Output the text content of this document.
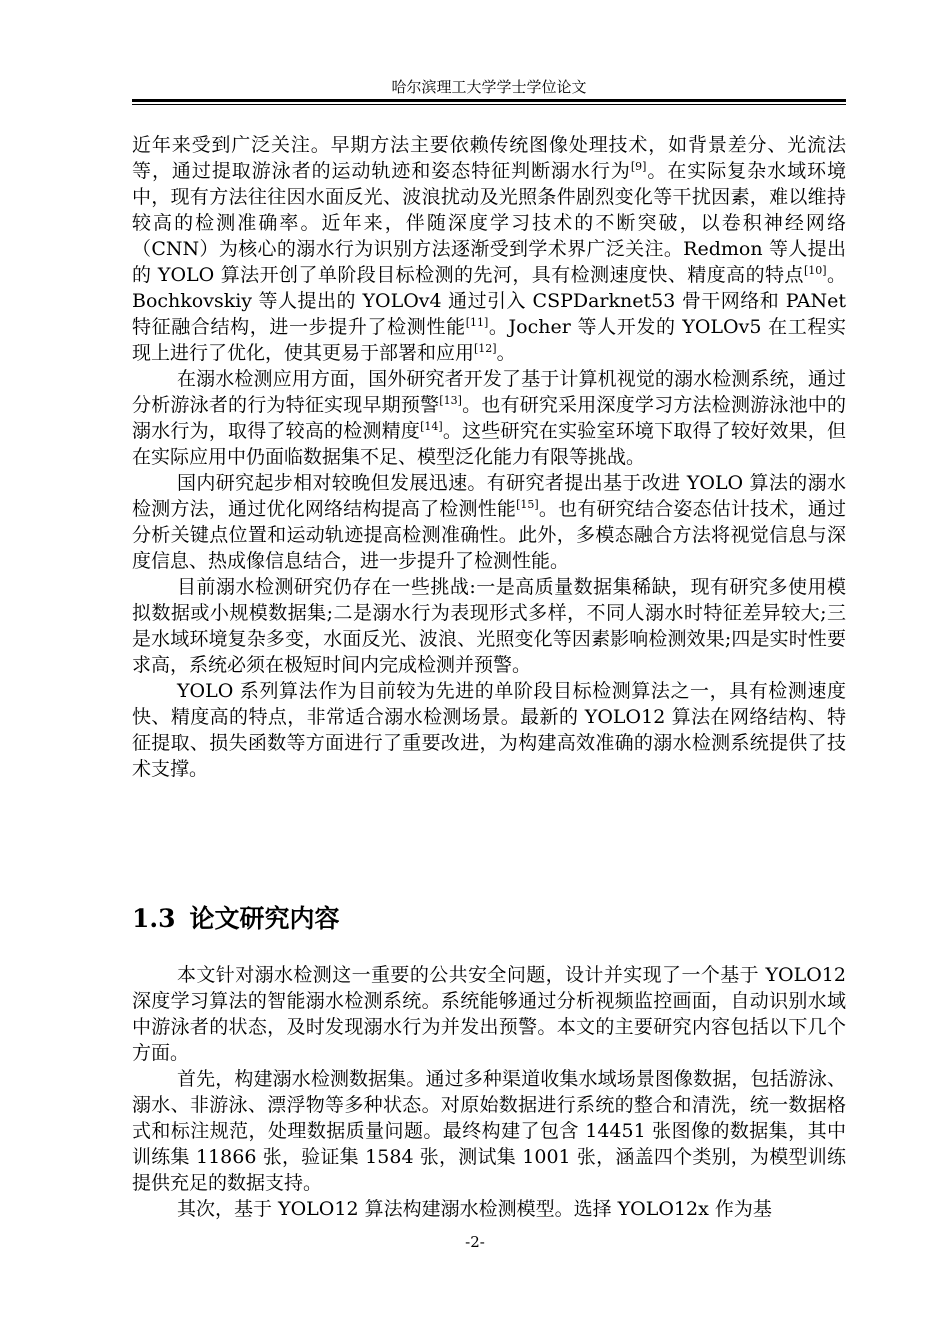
哈尔滨理工大学学士学位论文

近年来受到广泛关注。早期方法主要依赖传统图像处理技术，如背景差分、光流法等，通过提取游泳者的运动轨迹和姿态特征判断溺水行为[9]。在实际复杂水域环境中，现有方法往往因水面反光、波浪扰动及光照条件剧烈变化等干扰因素，难以维持较高的检测准确率。近年来，伴随深度学习技术的不断突破，以卷积神经网络（CNN）为核心的溺水行为识别方法逐渐受到学术界广泛关注。Redmon 等人提出的 YOLO 算法开创了单阶段目标检测的先河，具有检测速度快、精度高的特点[10]。Bochkovskiy 等人提出的 YOLOv4 通过引入 CSPDarknet53 骨干网络和 PANet 特征融合结构，进一步提升了检测性能[11]。Jocher 等人开发的 YOLOv5 在工程实现上进行了优化，使其更易于部署和应用[12]。

在溺水检测应用方面，国外研究者开发了基于计算机视觉的溺水检测系统，通过分析游泳者的行为特征实现早期预警[13]。也有研究采用深度学习方法检测游泳池中的溺水行为，取得了较高的检测精度[14]。这些研究在实验室环境下取得了较好效果，但在实际应用中仍面临数据集不足、模型泛化能力有限等挑战。

国内研究起步相对较晚但发展迅速。有研究者提出基于改进 YOLO 算法的溺水检测方法，通过优化网络结构提高了检测性能[15]。也有研究结合姿态估计技术，通过分析关键点位置和运动轨迹提高检测准确性。此外，多模态融合方法将视觉信息与深度信息、热成像信息结合，进一步提升了检测性能。

目前溺水检测研究仍存在一些挑战:一是高质量数据集稀缺，现有研究多使用模拟数据或小规模数据集;二是溺水行为表现形式多样，不同人溺水时特征差异较大;三是水域环境复杂多变，水面反光、波浪、光照变化等因素影响检测效果;四是实时性要求高，系统必须在极短时间内完成检测并预警。

YOLO 系列算法作为目前较为先进的单阶段目标检测算法之一，具有检测速度快、精度高的特点，非常适合溺水检测场景。最新的 YOLO12 算法在网络结构、特征提取、损失函数等方面进行了重要改进，为构建高效准确的溺水检测系统提供了技术支撑。

1.3 论文研究内容

本文针对溺水检测这一重要的公共安全问题，设计并实现了一个基于 YOLO12 深度学习算法的智能溺水检测系统。系统能够通过分析视频监控画面，自动识别水域中游泳者的状态，及时发现溺水行为并发出预警。本文的主要研究内容包括以下几个方面。

首先，构建溺水检测数据集。通过多种渠道收集水域场景图像数据，包括游泳、溺水、非游泳、漂浮物等多种状态。对原始数据进行系统的整合和清洗，统一数据格式和标注规范，处理数据质量问题。最终构建了包含 14451 张图像的数据集，其中训练集 11866 张，验证集 1584 张，测试集 1001 张，涵盖四个类别，为模型训练提供充足的数据支持。

其次，基于 YOLO12 算法构建溺水检测模型。选择 YOLO12x 作为基

-2-
